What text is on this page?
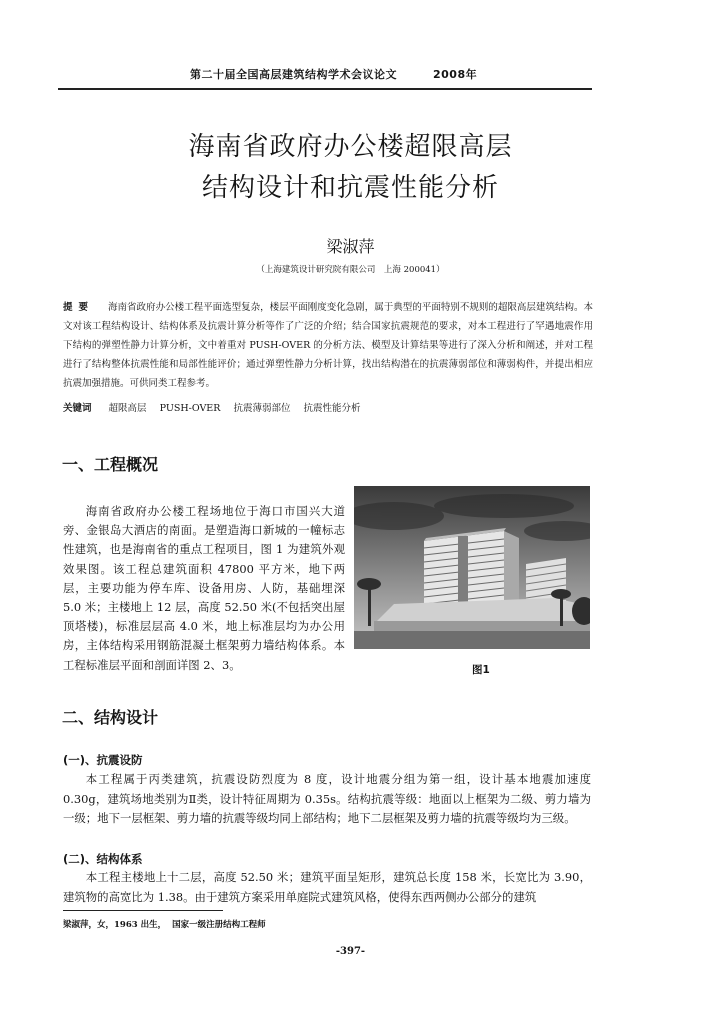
第二十届全国高层建筑结构学术会议论文	2008年
海南省政府办公楼超限高层
结构设计和抗震性能分析
梁淑萍
（上海建筑设计研究院有限公司　上海 200041）
提要 海南省政府办公楼工程平面选型复杂，楼层平面刚度变化急剧，属于典型的平面特别不规则的超限高层建筑结构。本文对该工程结构设计、结构体系及抗震计算分析等作了广泛的介绍；结合国家抗震规范的要求，对本工程进行了罕遇地震作用下结构的弹塑性静力计算分析，文中着重对 PUSH-OVER 的分析方法、模型及计算结果等进行了深入分析和阐述，并对工程进行了结构整体抗震性能和局部性能评价；通过弹塑性静力分析计算，找出结构潜在的抗震薄弱部位和薄弱构件，并提出相应抗震加强措施。可供同类工程参考。
关键词 超限高层 PUSH-OVER 抗震薄弱部位 抗震性能分析
一、工程概况
海南省政府办公楼工程场地位于海口市国兴大道旁、金银岛大酒店的南面。是塑造海口新城的一幢标志性建筑，也是海南省的重点工程项目，图 1 为建筑外观效果图。该工程总建筑面积 47800 平方米，地下两层，主要功能为停车库、设备用房、人防，基础埋深 5.0 米；主楼地上 12 层，高度 52.50 米(不包括突出屋顶塔楼)，标准层层高 4.0 米，地上标准层均为办公用房，主体结构采用钢筋混凝土框架剪力墙结构体系。本工程标准层平面和剖面详图 2、3。	图1
二、结构设计
(一)、抗震设防
本工程属于丙类建筑，抗震设防烈度为 8 度，设计地震分组为第一组，设计基本地震加速度 0.30g，建筑场地类别为Ⅱ类，设计特征周期为 0.35s。结构抗震等级：地面以上框架为二级、剪力墙为一级；地下一层框架、剪力墙的抗震等级均同上部结构；地下二层框架及剪力墙的抗震等级均为三级。
(二)、结构体系
本工程主楼地上十二层，高度 52.50 米；建筑平面呈矩形，建筑总长度 158 米，长宽比为 3.90，建筑物的高宽比为 1.38。由于建筑方案采用单庭院式建筑风格，使得东西两侧办公部分的建筑
梁淑萍，女，1963 出生， 国家一级注册结构工程师
-397-
